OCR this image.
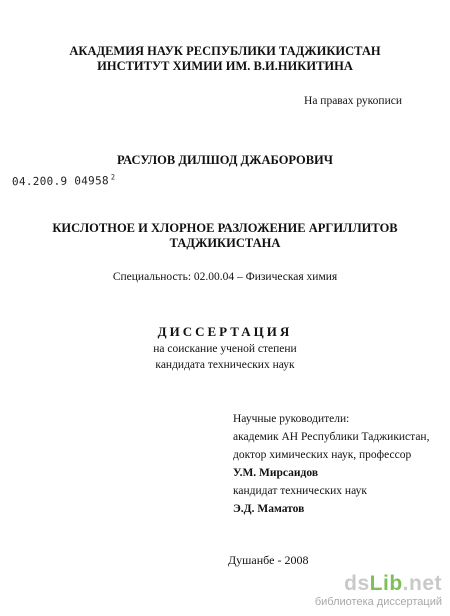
АКАДЕМИЯ НАУК РЕСПУБЛИКИ ТАДЖИКИСТАН
ИНСТИТУТ ХИМИИ ИМ. В.И.НИКИТИНА
На правах рукописи
РАСУЛОВ ДИЛШОД ДЖАБОРОВИЧ
04.200.9 04958 $^2$
КИСЛОТНОЕ И ХЛОРНОЕ РАЗЛОЖЕНИЕ АРГИЛЛИТОВ
ТАДЖИКИСТАНА
Специальность: 02.00.04 – Физическая химия
ДИССЕРТАЦИЯ
на соискание ученой степени
кандидата технических наук
Научные руководители:
академик АН Республики Таджикистан,
доктор химических наук, профессор
У.М. Мирсаидов
кандидат технических наук
Э.Д. Маматов
Душанбе - 2008
dsLib.net
библиотека диссертаций
